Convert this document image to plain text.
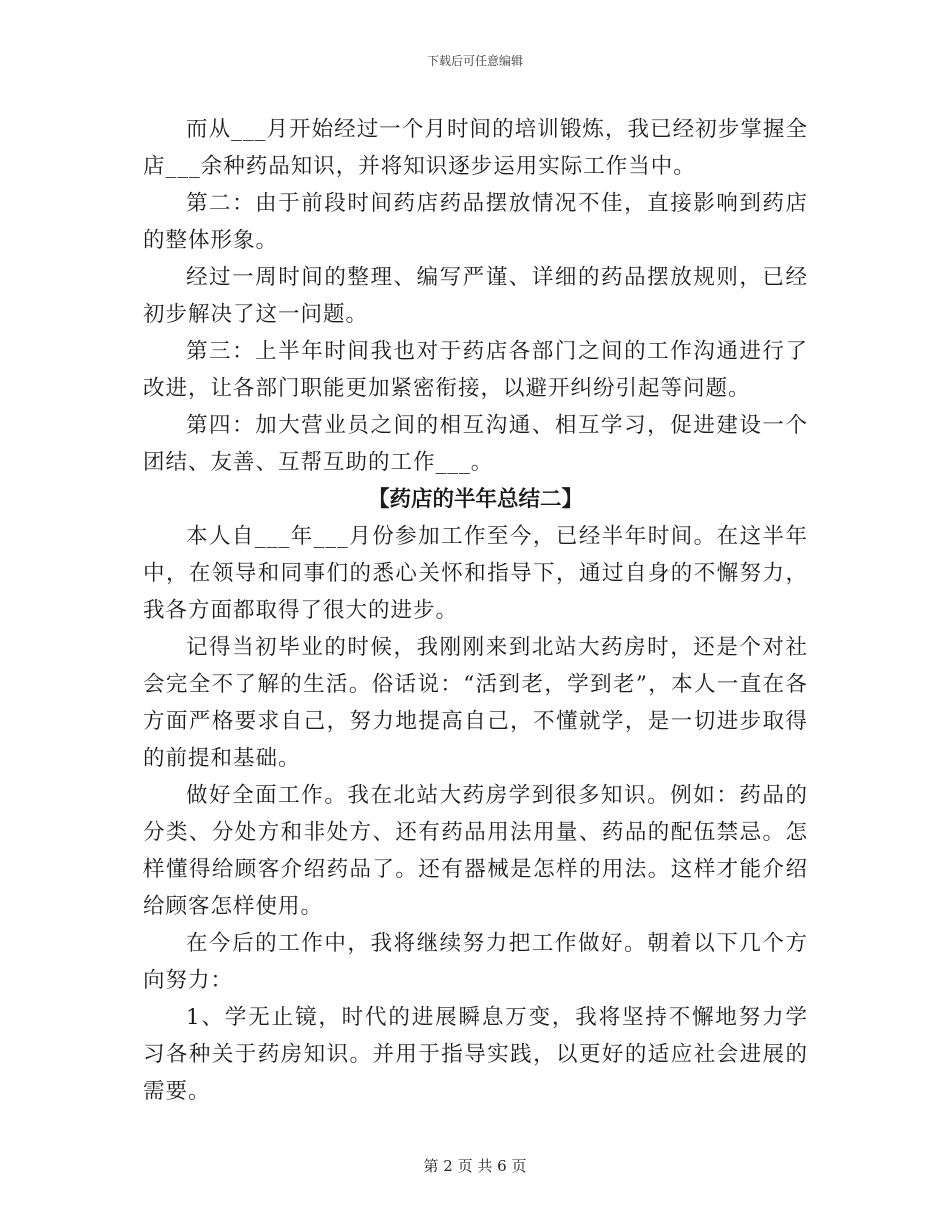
下载后可任意编辑

而从___月开始经过一个月时间的培训锻炼，我已经初步掌握全店___余种药品知识，并将知识逐步运用实际工作当中。

第二：由于前段时间药店药品摆放情况不佳，直接影响到药店的整体形象。

经过一周时间的整理、编写严谨、详细的药品摆放规则，已经初步解决了这一问题。

第三：上半年时间我也对于药店各部门之间的工作沟通进行了改进，让各部门职能更加紧密衔接，以避开纠纷引起等问题。

第四：加大营业员之间的相互沟通、相互学习，促进建设一个团结、友善、互帮互助的工作___。

【药店的半年总结二】

本人自___年___月份参加工作至今，已经半年时间。在这半年中，在领导和同事们的悉心关怀和指导下，通过自身的不懈努力，我各方面都取得了很大的进步。

记得当初毕业的时候，我刚刚来到北站大药房时，还是个对社会完全不了解的生活。俗话说：“活到老，学到老”，本人一直在各方面严格要求自己，努力地提高自己，不懂就学，是一切进步取得的前提和基础。

做好全面工作。我在北站大药房学到很多知识。例如：药品的分类、分处方和非处方、还有药品用法用量、药品的配伍禁忌。怎样懂得给顾客介绍药品了。还有器械是怎样的用法。这样才能介绍给顾客怎样使用。

在今后的工作中，我将继续努力把工作做好。朝着以下几个方向努力：

1、学无止镜，时代的进展瞬息万变，我将坚持不懈地努力学习各种关于药房知识。并用于指导实践，以更好的适应社会进展的需要。

第 2 页 共 6 页
